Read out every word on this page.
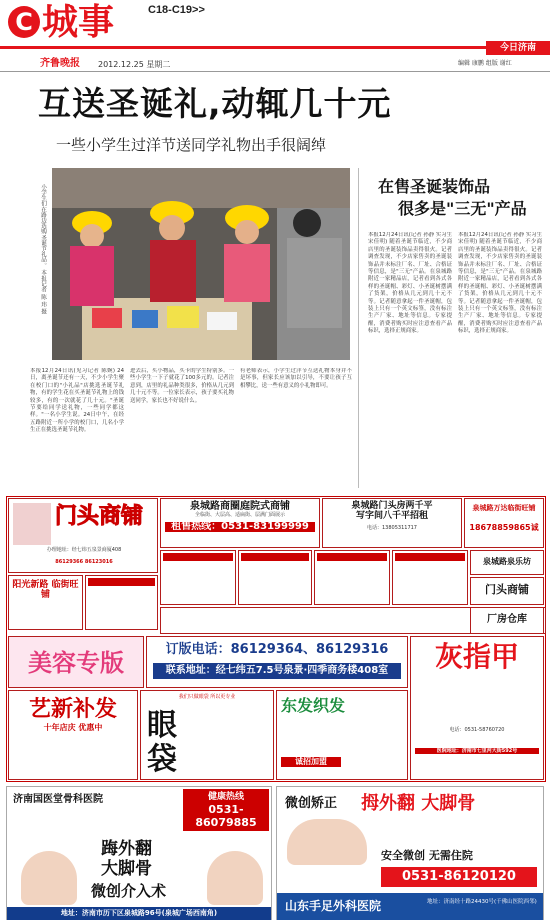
C 城事	C18-C19>>
今日济南
齐鲁晚报 2012.12.25 星期二	编辑 康鹏 组版 谢红
互送圣诞礼,动辄几十元
一些小学生过洋节送同学礼物出手很阔绰
小学生们在路边选购圣诞节礼品。 本报记者 陈 玮 摄
本报12月24日讯(见习记者 陈婉) 24日，离圣诞节还有一天，不少小学生聚在校门口的"小礼品"店挑选圣诞节礼物，有的学生花在买圣诞节礼物上的钱较多，有的一次就花了几十元。"圣诞节要给同学送礼物，一些同学都这样。"一名小学生说。24日中午，在经五路附近一所小学的校门口，几名小学生正在挑选圣诞节礼物。
进去后，买小物品，买卡的学生特别多。一些小学生一下子就花了100多元的。记者注意到，店里的礼品种类很多，价格从几元到几十元不等。一位家长表示，孩子要买礼物送同学，家长也不好说什么。
有老师表示，小学生过洋节互送礼物本身并不是坏事，但家长应该加以引导，不要让孩子互相攀比，送一些有意义的小礼物即可。
在售圣诞装饰品
很多是"三无"产品
本报12月24日讯(记者 孙静 实习生 宋佳明) 随着圣诞节临近，不少商店里的圣诞装饰品卖得很火。记者调查发现，不少店家售卖的圣诞装饰品并未标注厂名、厂址、合格证等信息，是"三无"产品。在泉城路附近一家精品店，记者看到各式各样的圣诞帽、彩灯、小圣诞树摆满了货架，价格从几元到几十元不等。记者随意拿起一件圣诞帽，包装上只有一个英文标签，没有标注生产厂家、地址等信息。专家提醒，消费者购买时应注意查看产品标识，选择正规商家。
本报12月24日讯(记者 孙静 实习生 宋佳明) 随着圣诞节临近，不少商店里的圣诞装饰品卖得很火。记者调查发现，不少店家售卖的圣诞装饰品并未标注厂名、厂址、合格证等信息，是"三无"产品。在泉城路附近一家精品店，记者看到各式各样的圣诞帽、彩灯、小圣诞树摆满了货架，价格从几元到几十元不等。记者随意拿起一件圣诞帽，包装上只有一个英文标签，没有标注生产厂家、地址等信息。专家提醒，消费者购买时应注意查看产品标识，选择正规商家。
门头商铺
办理地址：经七纬五泉景商厦408
86129366 86123016
泉城路商圈庭院式商铺
全临街、大层高、适扁街、层满门面展示
租售热线：0531-83199999
泉城路门头房两千平
写字间八千平招租
电话：13805311717
泉城路万达临街旺铺
18678859865诚
阳光新路 临街旺铺
泉城路泉乐坊
门头商铺
厂房仓库
美容专版	订版电话：86129364、86129316
联系地址：经七纬五7.5号泉景·四季商务楼408室	灰指甲
电话：0531-58760720
医院地址：济南市七里河大街592号
艺新补发
十年店庆 优惠中
我们只做眼袋 所以更专业
眼袋
东发织发
诚招加盟
济南国医堂骨科医院	健康热线
0531-86079885
踇外翻
大脚骨
微创介入术
地址：济南市历下区泉城路96号(泉城广场西南角)
微创矫正 拇外翻 大脚骨
安全微创 无需住院
0531-86120120
山东手足外科医院	地址：济南经十路24430号(千佛山医院西邻)
